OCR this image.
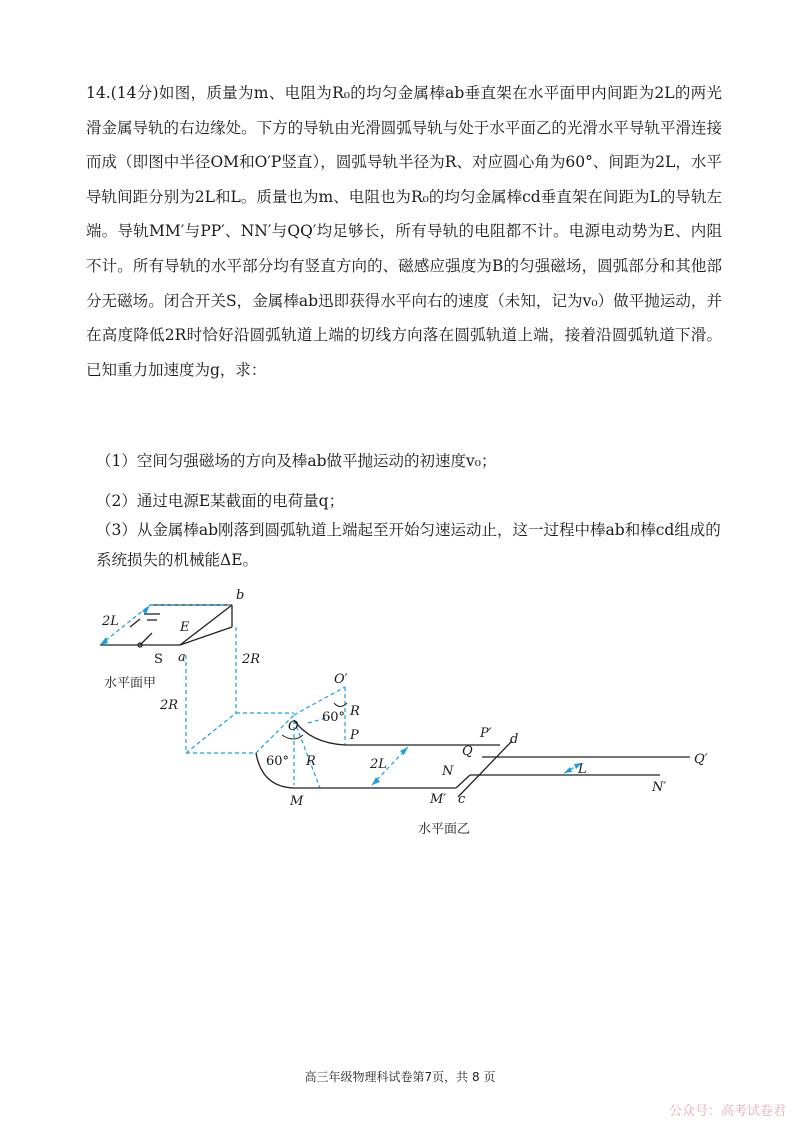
14.(14分)如图，质量为m、电阻为R₀的均匀金属棒ab垂直架在水平面甲内间距为2L的两光滑金属导轨的右边缘处。下方的导轨由光滑圆弧导轨与处于水平面乙的光滑水平导轨平滑连接而成（即图中半径OM和O′P竖直），圆弧导轨半径为R、对应圆心角为60°、间距为2L，水平导轨间距分别为2L和L。质量也为m、电阻也为R₀的均匀金属棒cd垂直架在间距为L的导轨左端。导轨MM′与PP′、NN′与QQ′均足够长，所有导轨的电阻都不计。电源电动势为E、内阻不计。所有导轨的水平部分均有竖直方向的、磁感应强度为B的匀强磁场，圆弧部分和其他部分无磁场。闭合开关S，金属棒ab迅即获得水平向右的速度（未知，记为v₀）做平抛运动，并在高度降低2R时恰好沿圆弧轨道上端的切线方向落在圆弧轨道上端，接着沿圆弧轨道下滑。已知重力加速度为g，求：

（1）空间匀强磁场的方向及棒ab做平抛运动的初速度v₀；
（2）通过电源E某截面的电荷量q；
（3）从金属棒ab刚落到圆弧轨道上端起至开始匀速运动止，这一过程中棒ab和棒cd组成的系统损失的机械能ΔE。
2L	E
S a
b
2R
水平面甲
2R
O′
60° R
O
P
60° R
M
2L	N
Q
P′ d
M′ c
L
Q′
N′
水平面乙
高三年级物理科试卷第7页，共 8 页
公众号：高考试卷君
